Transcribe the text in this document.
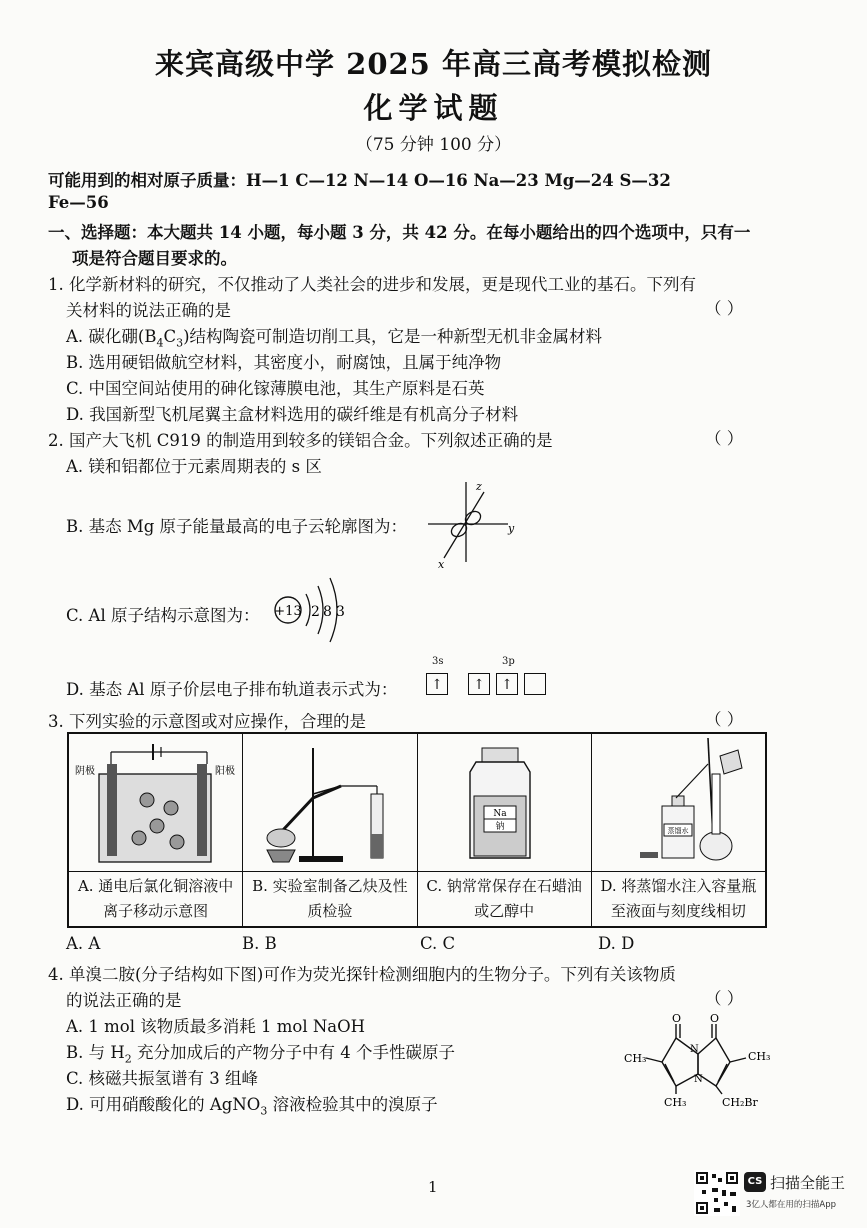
来宾高级中学 2025 年高三高考模拟检测
化学试题
（75 分钟 100 分）
可能用到的相对原子质量：H—1 C—12 N—14 O—16 Na—23 Mg—24 S—32
Fe—56
一、选择题：本大题共 14 小题，每小题 3 分，共 42 分。在每小题给出的四个选项中，只有一
项是符合题目要求的。
1. 化学新材料的研究，不仅推动了人类社会的进步和发展，更是现代工业的基石。下列有
关材料的说法正确的是	（ ）
A. 碳化硼$(B_4C_3)$结构陶瓷可制造切削工具，它是一种新型无机非金属材料
B. 选用硬铝做航空材料，其密度小，耐腐蚀，且属于纯净物
C. 中国空间站使用的砷化镓薄膜电池，其生产原料是石英
D. 我国新型飞机尾翼主盒材料选用的碳纤维是有机高分子材料
2. 国产大飞机 C919 的制造用到较多的镁铝合金。下列叙述正确的是	（ ）
A. 镁和铝都位于元素周期表的 s 区
B. 基态 Mg 原子能量最高的电子云轮廓图为：
z
y
x
C. Al 原子结构示意图为： +13 2 8 3
D. 基态 Al 原子价层电子排布轨道表示式为：
3s	3p
↑	↑	↑
3. 下列实验的示意图或对应操作，合理的是	（ ）
阴极	阳极
A. 通电后氯化铜溶液中离子移动示意图
B. 实验室制备乙炔及性质检验
Na
钠
C. 钠常常保存在石蜡油或乙醇中
蒸馏水
D. 将蒸馏水注入容量瓶至液面与刻度线相切
A. A	B. B	C. C	D. D
4. 单溴二胺(分子结构如下图)可作为荧光探针检测细胞内的生物分子。下列有关该物质
的说法正确的是	（ ）
A. 1 mol 该物质最多消耗 1 mol NaOH
B. 与 $H_2$ 充分加成后的产物分子中有 4 个手性碳原子
C. 核磁共振氢谱有 3 组峰
D. 可用硝酸酸化的 AgNO$_3$ 溶液检验其中的溴原子
O	O
N
N
CH₃	CH₃
CH₃	CH₂Br
1	CS 扫描全能王
3亿人都在用的扫描App
